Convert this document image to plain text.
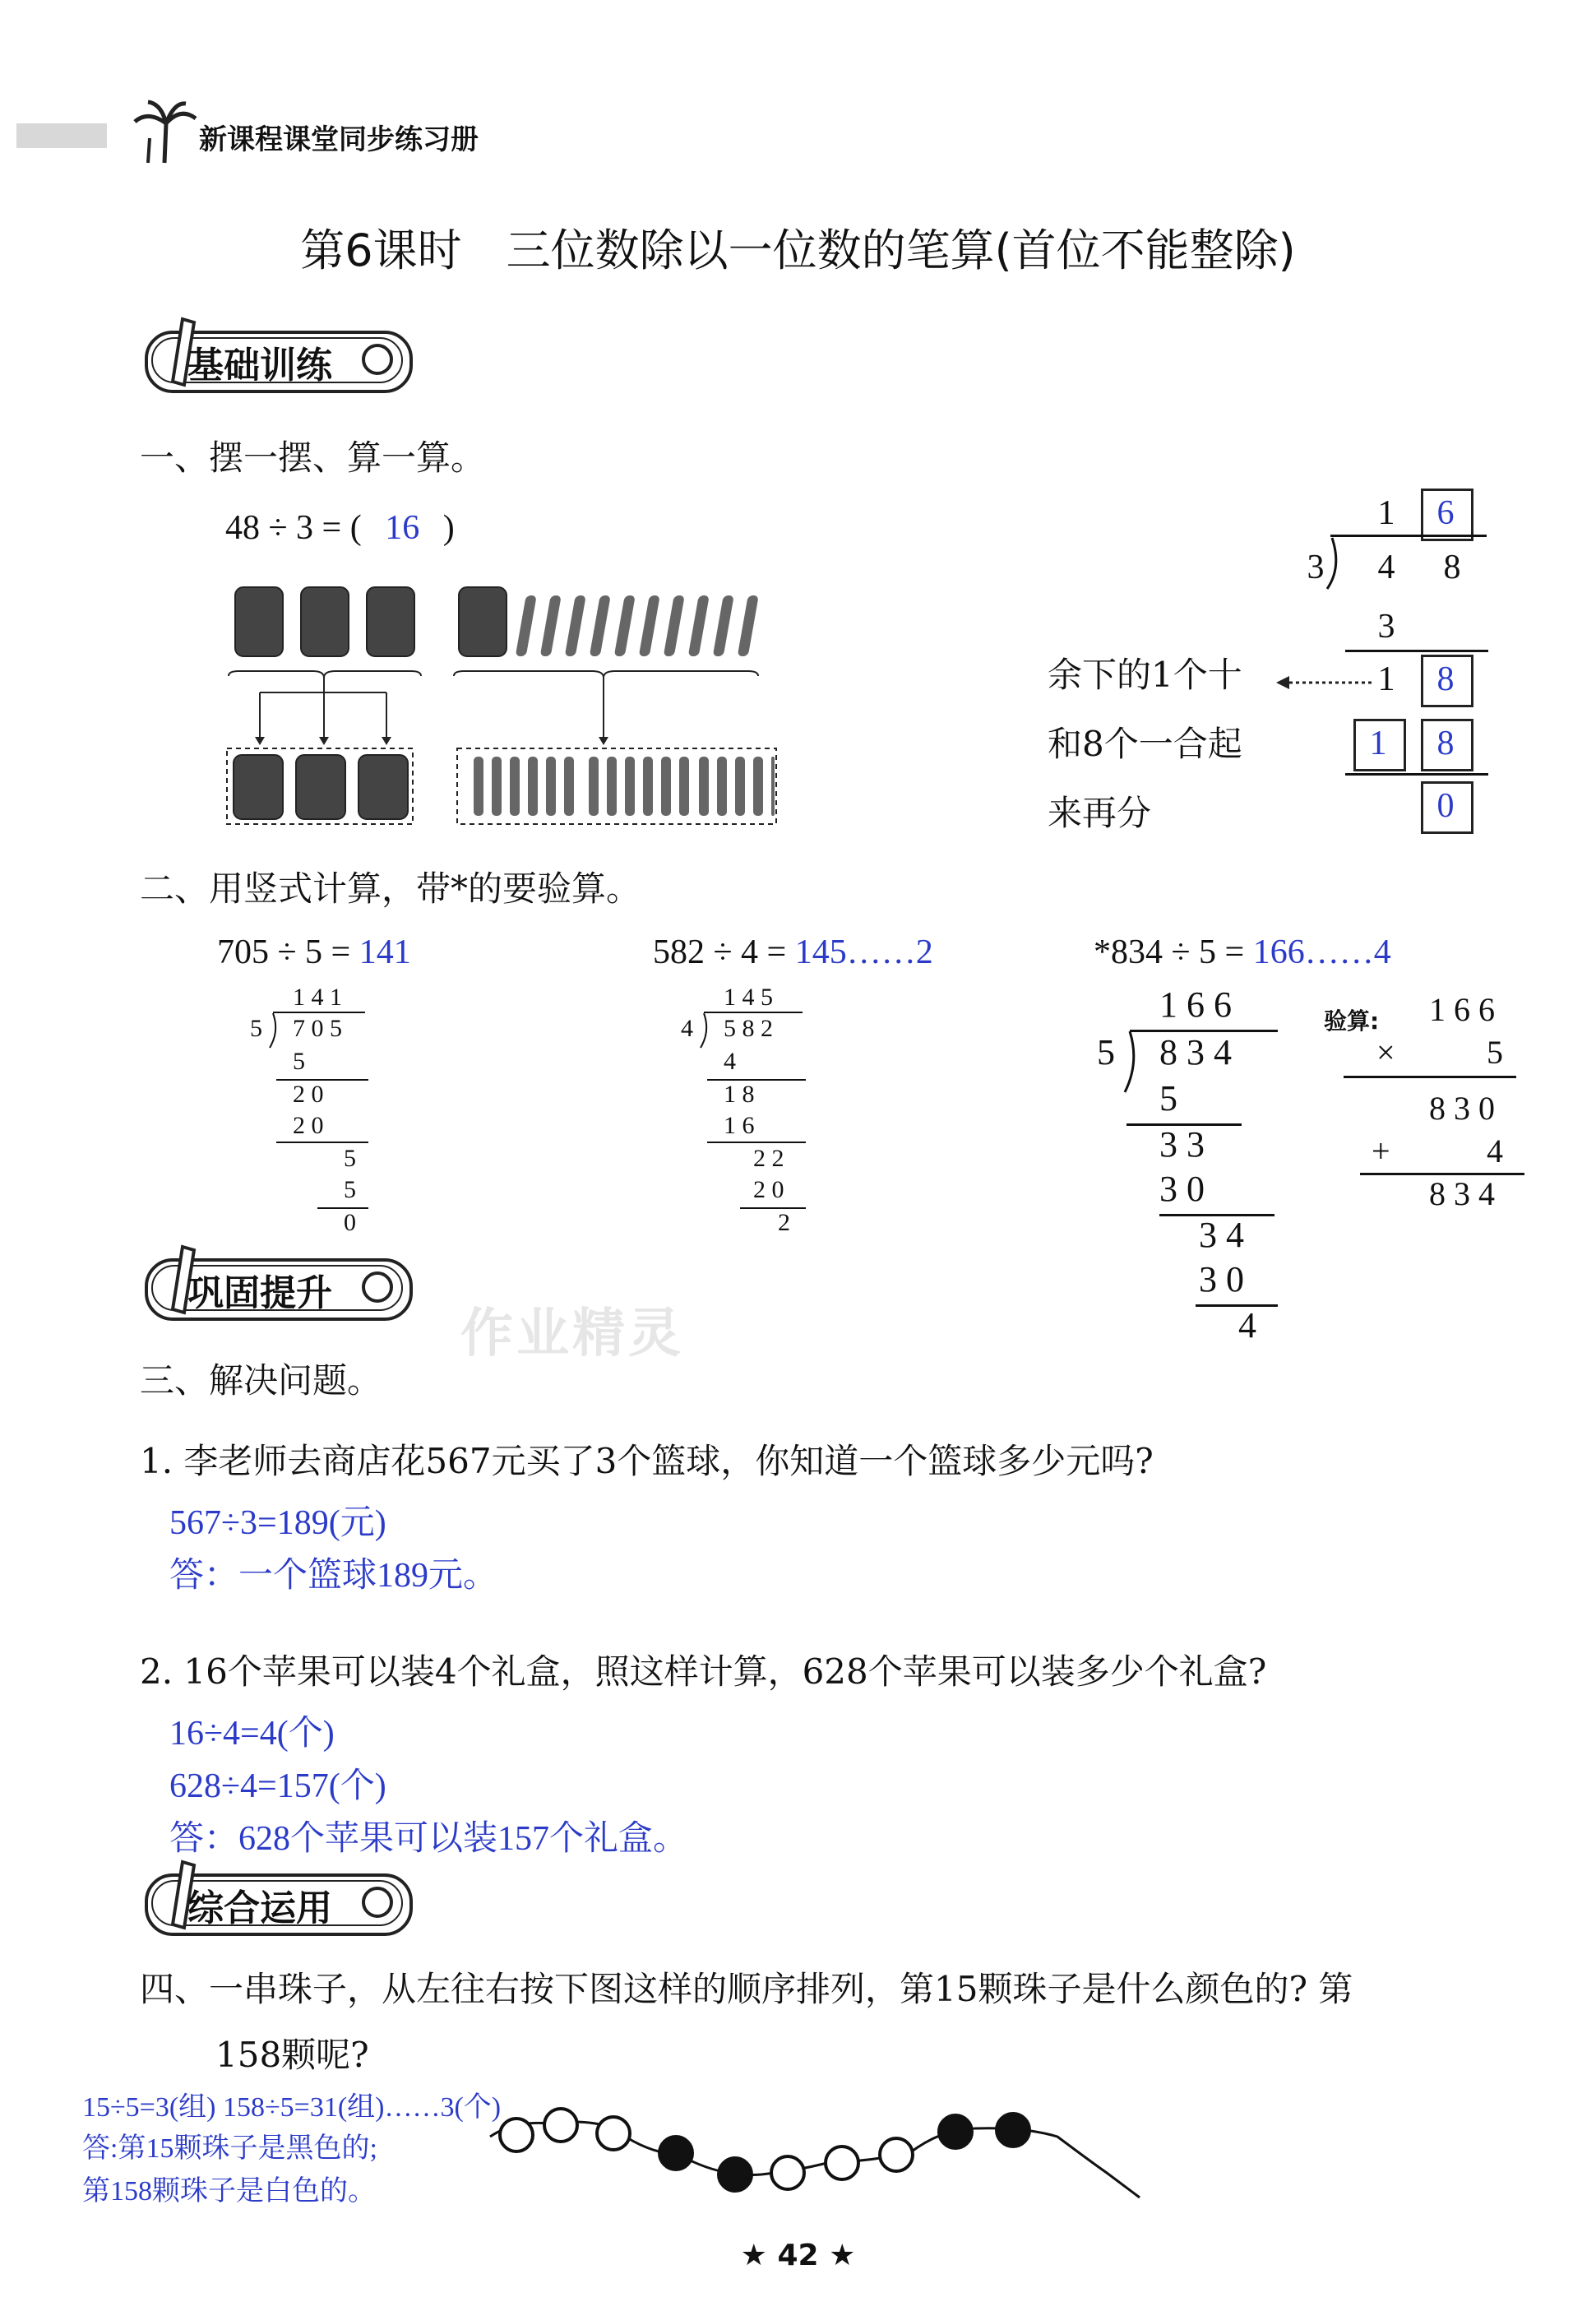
新课程课堂同步练习册
第6课时　三位数除以一位数的笔算(首位不能整除)
基础训练
一、摆一摆、算一算。
48 ÷ 3 = ( 16 )
余下的1个十
和8个一合起
来再分
1 6
3 4 8
3
1 8
1 8
0
二、用竖式计算，带*的要验算。
705 ÷ 5 = 141	582 ÷ 4 = 145……2	*834 ÷ 5 = 166……4
1 4 1
5 7 0 5
5
2 0
2 0
5
5
0
1 4 5
4 5 8 2
4
1 8
1 6
2 2
2 0
2
1 6 6
5 8 3 4
5
3 3
3 0
3 4
3 0
4
验算: 1 6 6
×	5
8 3 0
+	4
8 3 4
巩固提升
作业精灵
三、解决问题。
1. 李老师去商店花567元买了3个篮球，你知道一个篮球多少元吗?
567÷3=189(元)
答：一个篮球189元。
2. 16个苹果可以装4个礼盒，照这样计算，628个苹果可以装多少个礼盒?
16÷4=4(个)
628÷4=157(个)
答：628个苹果可以装157个礼盒。
综合运用
四、一串珠子，从左往右按下图这样的顺序排列，第15颗珠子是什么颜色的? 第
158颗呢?
15÷5=3(组) 158÷5=31(组)……3(个)
答:第15颗珠子是黑色的;
第158颗珠子是白色的。
★ 42 ★
